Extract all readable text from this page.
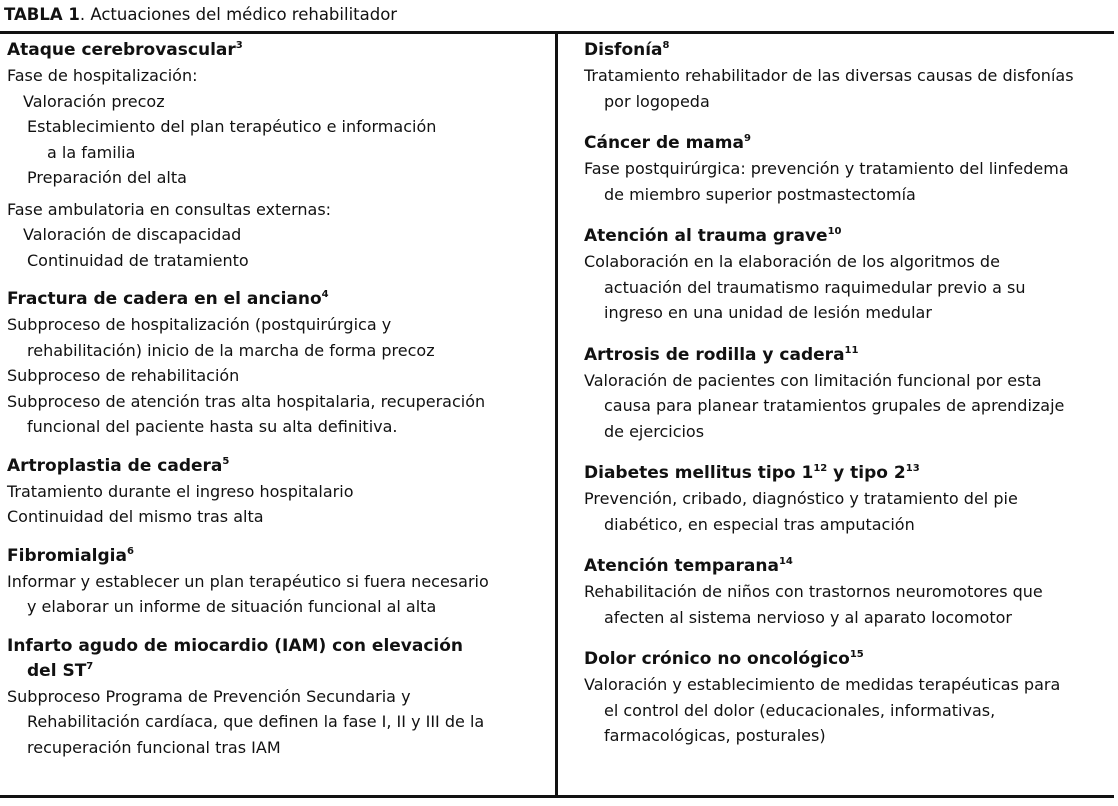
TABLA 1. Actuaciones del médico rehabilitador
Ataque cerebrovascular$^3$
Fase de hospitalización:
Valoración precoz
Establecimiento del plan terapéutico e información
a la familia
Preparación del alta
Fase ambulatoria en consultas externas:
Valoración de discapacidad
Continuidad de tratamiento
Fractura de cadera en el anciano$^4$
Subproceso de hospitalización (postquirúrgica y
rehabilitación) inicio de la marcha de forma precoz
Subproceso de rehabilitación
Subproceso de atención tras alta hospitalaria, recuperación
funcional del paciente hasta su alta definitiva.
Artroplastia de cadera$^5$
Tratamiento durante el ingreso hospitalario
Continuidad del mismo tras alta
Fibromialgia$^6$
Informar y establecer un plan terapéutico si fuera necesario
y elaborar un informe de situación funcional al alta
Infarto agudo de miocardio (IAM) con elevación
del $ST^7$
Subproceso Programa de Prevención Secundaria y
Rehabilitación cardíaca, que definen la fase I, II y III de la
recuperación funcional tras IAM
Disfonía$^8$
Tratamiento rehabilitador de las diversas causas de disfonías
por logopeda
Cáncer de mama$^9$
Fase postquirúrgica: prevención y tratamiento del linfedema
de miembro superior postmastectomía
Atención al trauma grave$^{10}$
Colaboración en la elaboración de los algoritmos de
actuación del traumatismo raquimedular previo a su
ingreso en una unidad de lesión medular
Artrosis de rodilla y cadera$^{11}$
Valoración de pacientes con limitación funcional por esta
causa para planear tratamientos grupales de aprendizaje
de ejercicios
Diabetes mellitus tipo $1^{12}$ y tipo $2^{13}$
Prevención, cribado, diagnóstico y tratamiento del pie
diabético, en especial tras amputación
Atención temparana$^{14}$
Rehabilitación de niños con trastornos neuromotores que
afecten al sistema nervioso y al aparato locomotor
Dolor crónico no oncológico$^{15}$
Valoración y establecimiento de medidas terapéuticas para
el control del dolor (educacionales, informativas,
farmacológicas, posturales)
